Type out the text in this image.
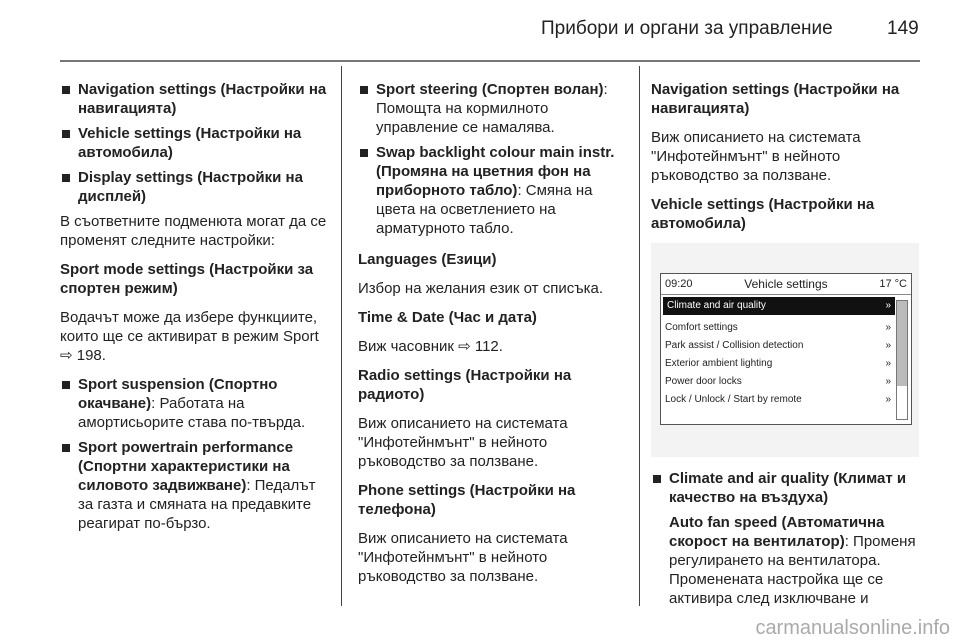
Прибори и органи за управление	149
Navigation settings (Настройки на навигацията)
Vehicle settings (Настройки на автомобила)
Display settings (Настройки на дисплей)

В съответните подменюта могат да се променят следните настройки:

Sport mode settings (Настройки за спортен режим)

Водачът може да избере функциите, които ще се активират в режим Sport ⇨ 198.

Sport suspension (Спортно окачване): Работата на амортисьорите става по-твърда.
Sport powertrain performance (Спортни характеристики на силовото задвижване): Педалът за газта и смяната на предавките реагират по-бързо.
Sport steering (Спортен волан): Помощта на кормилното управление се намалява.
Swap backlight colour main instr. (Промяна на цветния фон на приборното табло): Смяна на цвета на осветлението на арматурното табло.

Languages (Езици)

Избор на желания език от списъка.

Time & Date (Час и дата)

Виж часовник ⇨ 112.

Radio settings (Настройки на радиото)

Виж описанието на системата "Инфотейнмънт" в нейното ръководство за ползване.

Phone settings (Настройки на телефона)

Виж описанието на системата "Инфотейнмънт" в нейното ръководство за ползване.

Navigation settings (Настройки на навигацията)

Виж описанието на системата "Инфотейнмънт" в нейното ръководство за ползване.

Vehicle settings (Настройки на автомобила)

09:20	Vehicle settings	17 °C
Climate and air quality	»
Comfort settings	»
Park assist / Collision detection	»
Exterior ambient lighting	»
Power door locks	»
Lock / Unlock / Start by remote	»
Climate and air quality (Климат и качество на въздуха)
Auto fan speed (Автоматична скорост на вентилатор): Променя регулирането на вентилатора. Променената настройка ще се активира след изключване и
carmanualsonline.info
